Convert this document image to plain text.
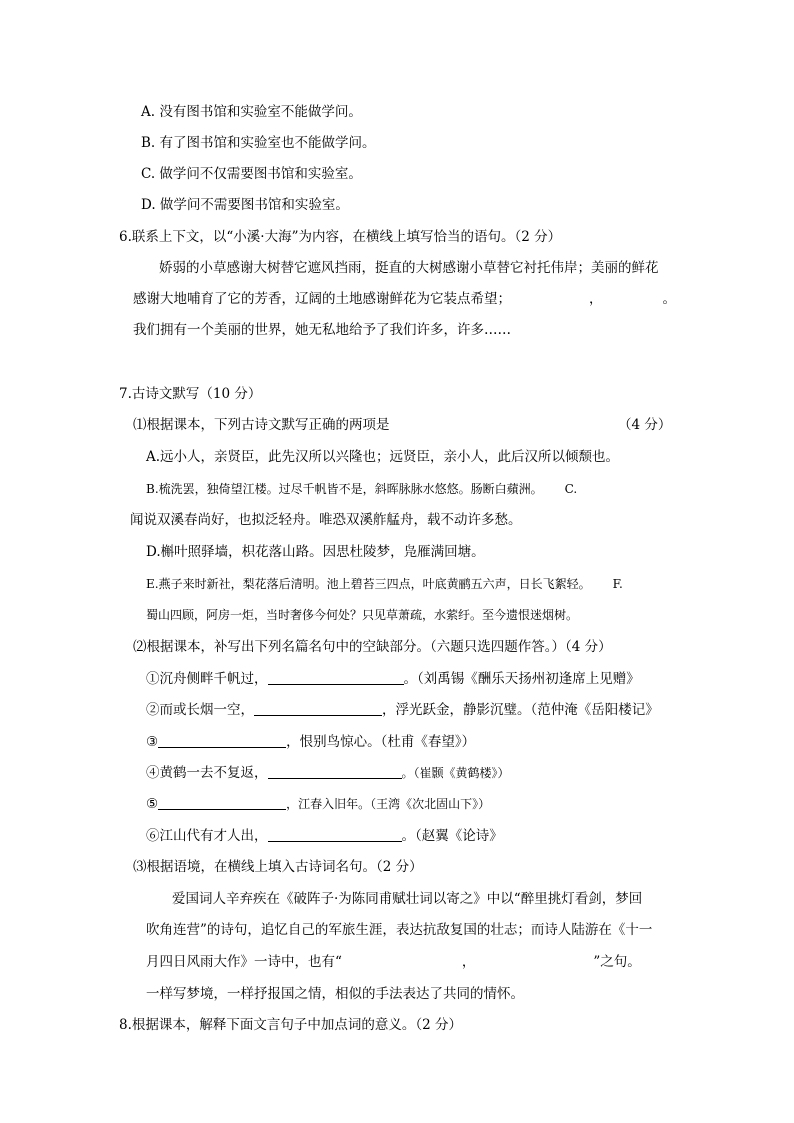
A. 没有图书馆和实验室不能做学问。
B. 有了图书馆和实验室也不能做学问。
C. 做学问不仅需要图书馆和实验室。
D. 做学问不需要图书馆和实验室。
6.联系上下文，以“小溪·大海”为内容，在横线上填写恰当的语句。（2 分）
娇弱的小草感谢大树替它遮风挡雨，挺直的大树感谢小草替它衬托伟岸；美丽的鲜花
感谢大地哺育了它的芳香，辽阔的土地感谢鲜花为它装点希望；	，	。
我们拥有一个美丽的世界，她无私地给予了我们许多，许多……
7.古诗文默写（10 分）
⑴根据课本，下列古诗文默写正确的两项是	（4 分）
A.远小人，亲贤臣，此先汉所以兴隆也；远贤臣，亲小人，此后汉所以倾颓也。
B.梳洗罢，独倚望江楼。过尽千帆皆不是，斜晖脉脉水悠悠。肠断白蘋洲。 C.
闻说双溪春尚好，也拟泛轻舟。唯恐双溪舴艋舟，载不动许多愁。
D.槲叶照驿墙，枳花落山路。因思杜陵梦，凫雁满回塘。
E.燕子来时新社，梨花落后清明。池上碧苔三四点，叶底黄鹂五六声，日长飞絮轻。 F.
蜀山四顾，阿房一炬，当时奢侈今何处？只见草萧疏，水萦纡。至今遗恨迷烟树。
⑵根据课本，补写出下列名篇名句中的空缺部分。（六题只选四题作答。）（4 分）
①沉舟侧畔千帆过，	。（刘禹锡《酬乐天扬州初逢席上见赠》
②而或长烟一空，	，浮光跃金，静影沉璧。（范仲淹《岳阳楼记》
③	，恨别鸟惊心。（杜甫《春望》）
④黄鹤一去不复返，	。（崔颢《黄鹤楼》）
⑤	，江春入旧年。（王湾《次北固山下》）
⑥江山代有才人出，	。（赵翼《论诗》
⑶根据语境，在横线上填入古诗词名句。（2 分）
爱国词人辛弃疾在《破阵子·为陈同甫赋壮词以寄之》中以“醉里挑灯看剑，梦回
吹角连营”的诗句，追忆自己的军旅生涯，表达抗敌复国的壮志；而诗人陆游在《十一
月四日风雨大作》一诗中，也有“	，	”之句。
一样写梦境，一样抒报国之情，相似的手法表达了共同的情怀。
8.根据课本，解释下面文言句子中加点词的意义。（2 分）
